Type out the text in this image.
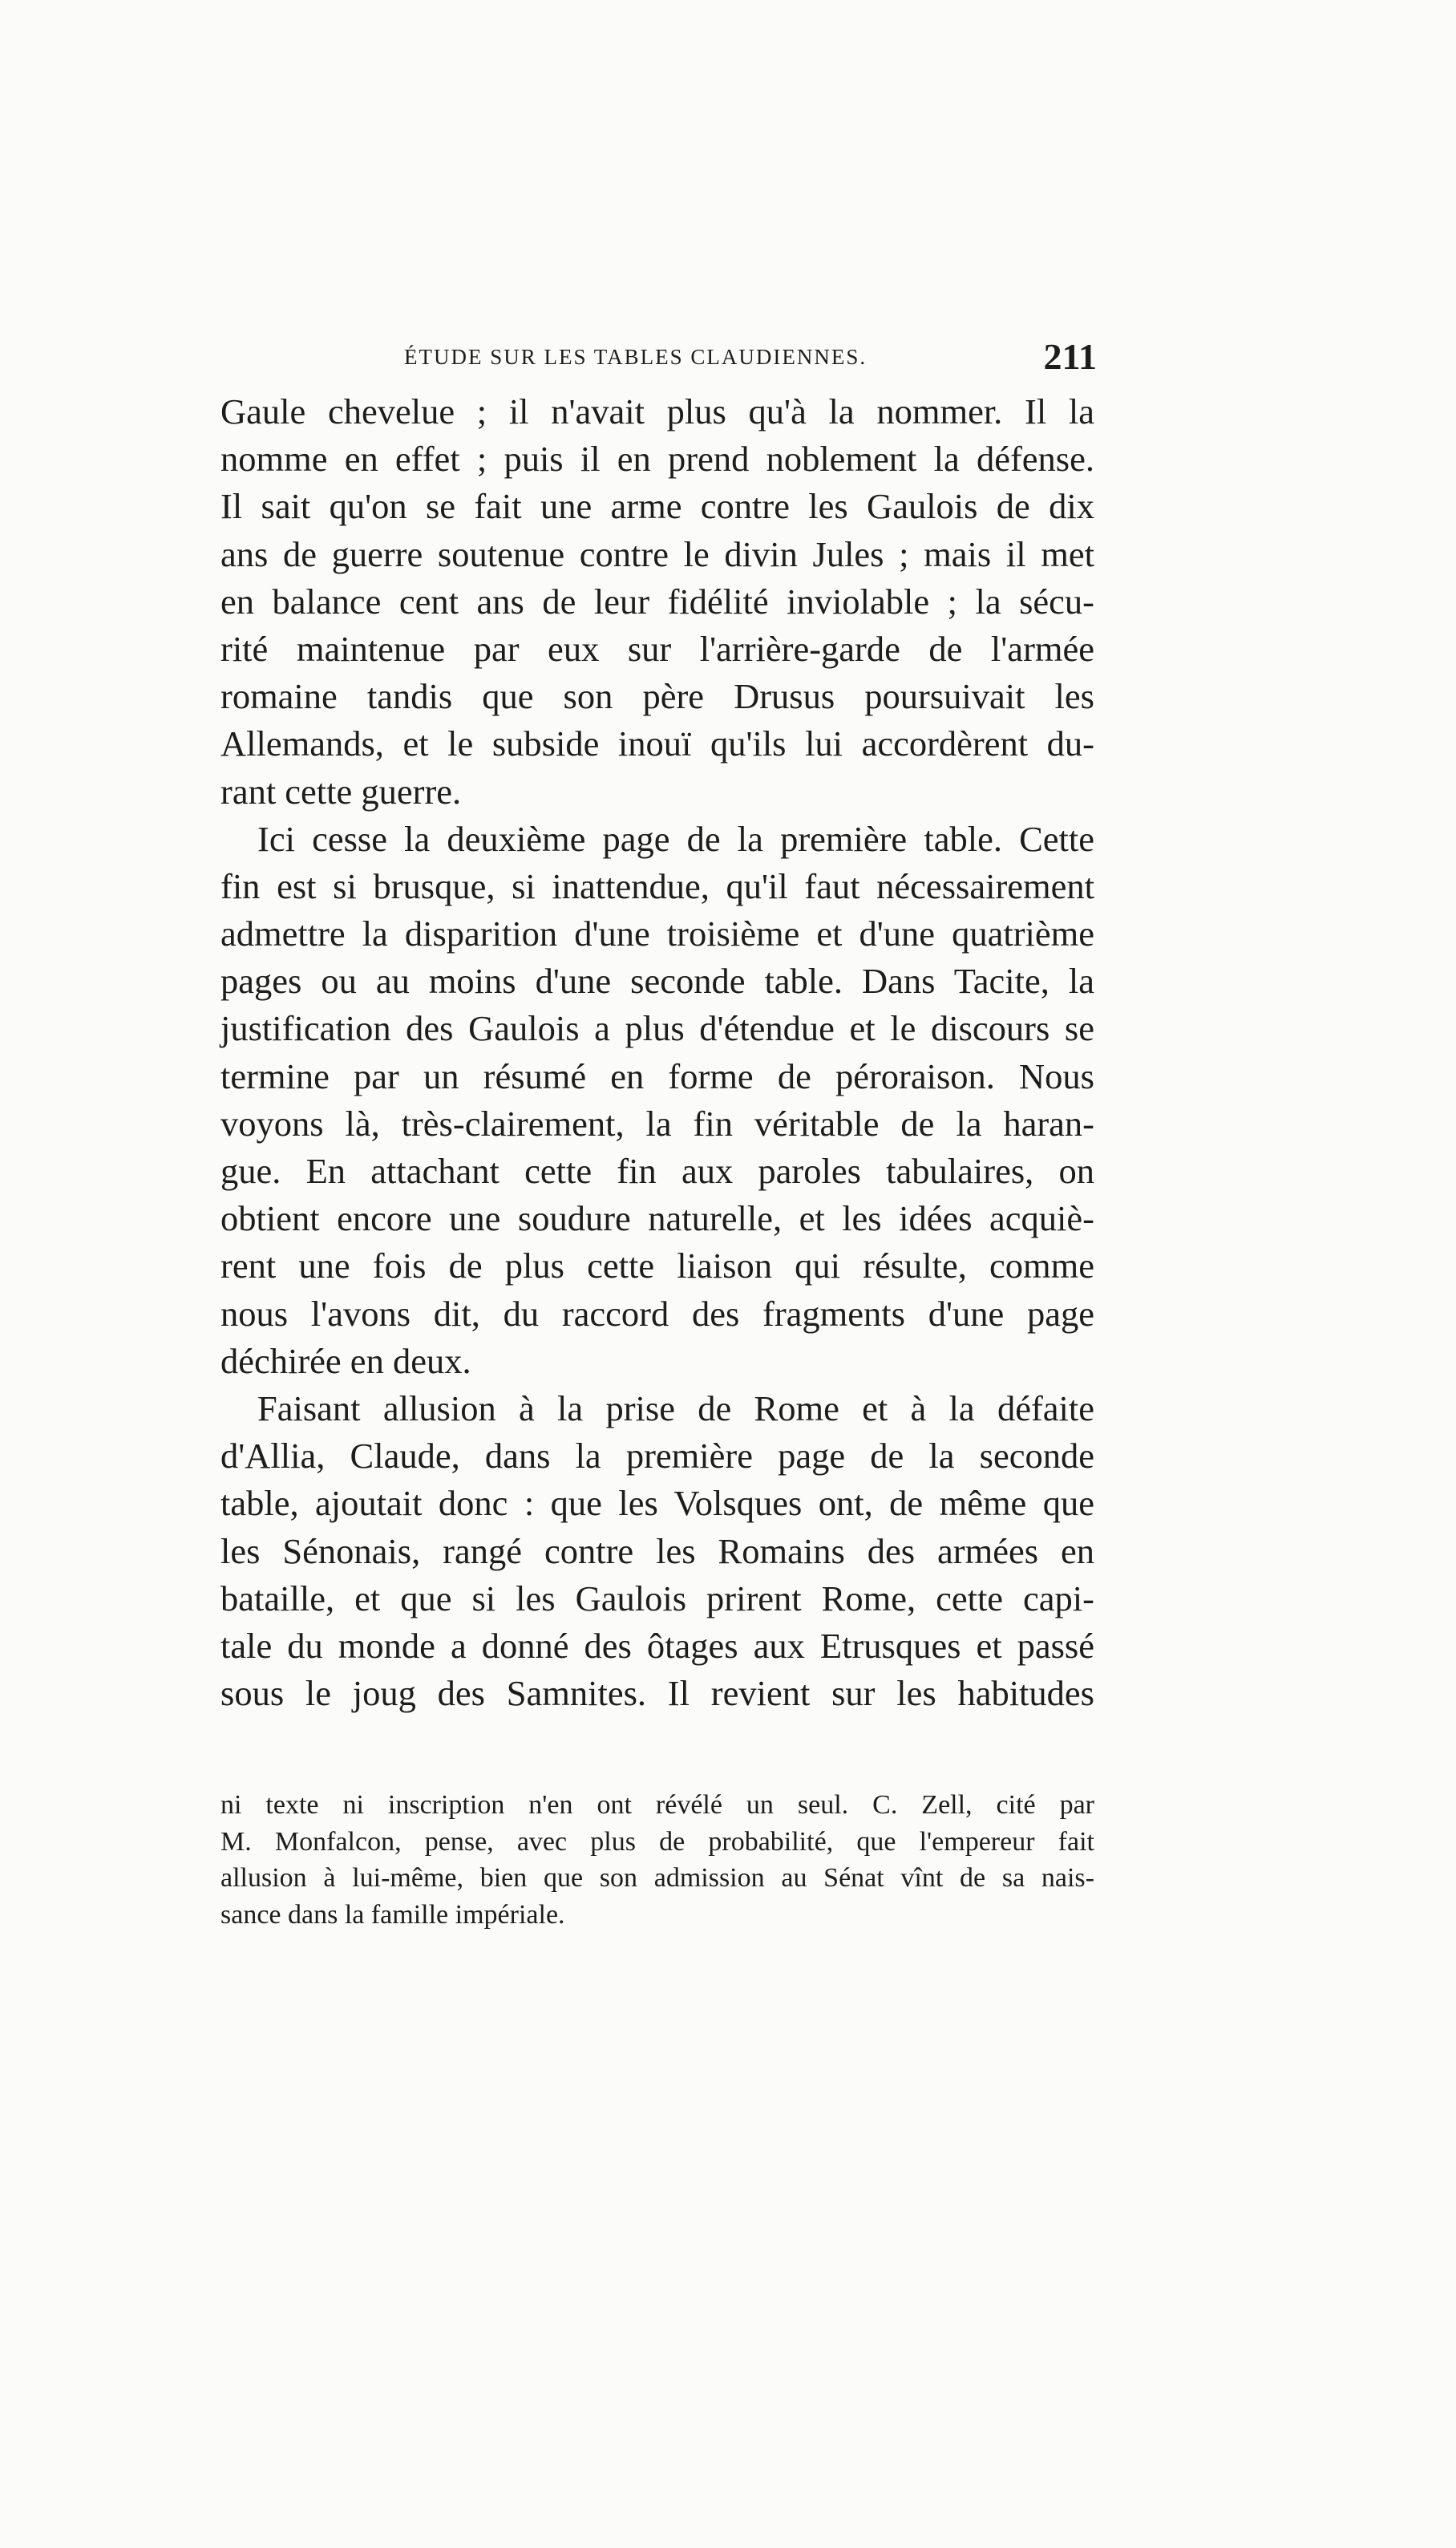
ÉTUDE SUR LES TABLES CLAUDIENNES.	211
Gaule chevelue ; il n'avait plus qu'à la nommer. Il la
nomme en effet ; puis il en prend noblement la défense.
Il sait qu'on se fait une arme contre les Gaulois de dix
ans de guerre soutenue contre le divin Jules ; mais il met
en balance cent ans de leur fidélité inviolable ; la sécu-
rité maintenue par eux sur l'arrière-garde de l'armée
romaine tandis que son père Drusus poursuivait les
Allemands, et le subside inouï qu'ils lui accordèrent du-
rant cette guerre.
Ici cesse la deuxième page de la première table. Cette
fin est si brusque, si inattendue, qu'il faut nécessairement
admettre la disparition d'une troisième et d'une quatrième
pages ou au moins d'une seconde table. Dans Tacite, la
justification des Gaulois a plus d'étendue et le discours se
termine par un résumé en forme de péroraison. Nous
voyons là, très-clairement, la fin véritable de la haran-
gue. En attachant cette fin aux paroles tabulaires, on
obtient encore une soudure naturelle, et les idées acquiè-
rent une fois de plus cette liaison qui résulte, comme
nous l'avons dit, du raccord des fragments d'une page
déchirée en deux.
Faisant allusion à la prise de Rome et à la défaite
d'Allia, Claude, dans la première page de la seconde
table, ajoutait donc : que les Volsques ont, de même que
les Sénonais, rangé contre les Romains des armées en
bataille, et que si les Gaulois prirent Rome, cette capi-
tale du monde a donné des ôtages aux Etrusques et passé
sous le joug des Samnites. Il revient sur les habitudes
ni texte ni inscription n'en ont révélé un seul. C. Zell, cité par
M. Monfalcon, pense, avec plus de probabilité, que l'empereur fait
allusion à lui-même, bien que son admission au Sénat vînt de sa nais-
sance dans la famille impériale.
